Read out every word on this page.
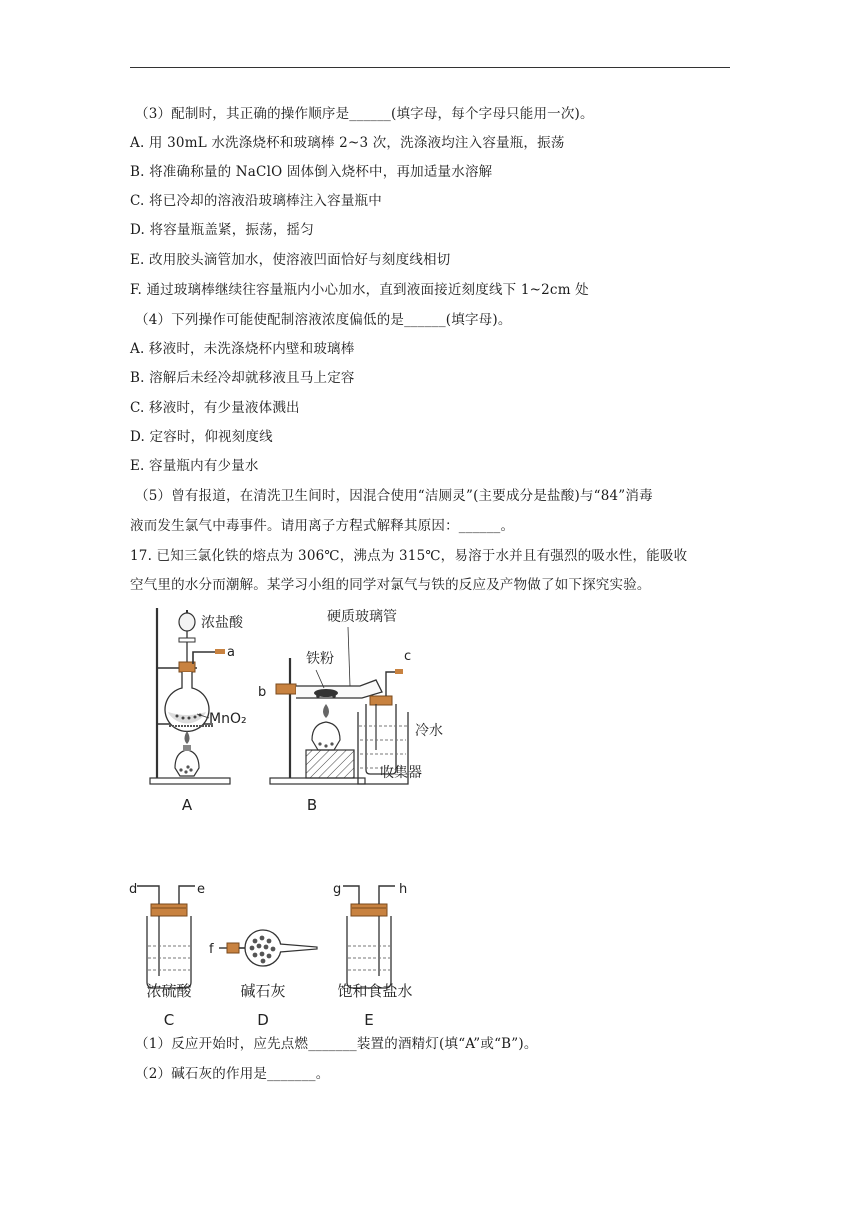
（3）配制时，其正确的操作顺序是______(填字母，每个字母只能用一次)。
A. 用 30mL 水洗涤烧杯和玻璃棒 2~3 次，洗涤液均注入容量瓶，振荡
B. 将准确称量的 NaClO 固体倒入烧杯中，再加适量水溶解
C. 将已冷却的溶液沿玻璃棒注入容量瓶中
D. 将容量瓶盖紧，振荡，摇匀
E. 改用胶头滴管加水，使溶液凹面恰好与刻度线相切
F. 通过玻璃棒继续往容量瓶内小心加水，直到液面接近刻度线下 1~2cm 处
（4）下列操作可能使配制溶液浓度偏低的是______(填字母)。
A. 移液时，未洗涤烧杯内壁和玻璃棒
B. 溶解后未经冷却就移液且马上定容
C. 移液时，有少量液体溅出
D. 定容时，仰视刻度线
E. 容量瓶内有少量水
（5）曾有报道，在清洗卫生间时，因混合使用“洁厕灵”(主要成分是盐酸)与“84”消毒
液而发生氯气中毒事件。请用离子方程式解释其原因：______。
17. 已知三氯化铁的熔点为 306℃，沸点为 315℃，易溶于水并且有强烈的吸水性，能吸收
空气里的水分而潮解。某学习小组的同学对氯气与铁的反应及产物做了如下探究实验。
A
浓盐酸
a
MnO₂
b
硬质玻璃管
铁粉	c
冷水
收集器
B
d	e
浓硫酸
C
f
碱石灰
D
g	h
饱和食盐水
E
（1）反应开始时，应先点燃_______装置的酒精灯(填“A”或“B”)。
（2）碱石灰的作用是_______。
